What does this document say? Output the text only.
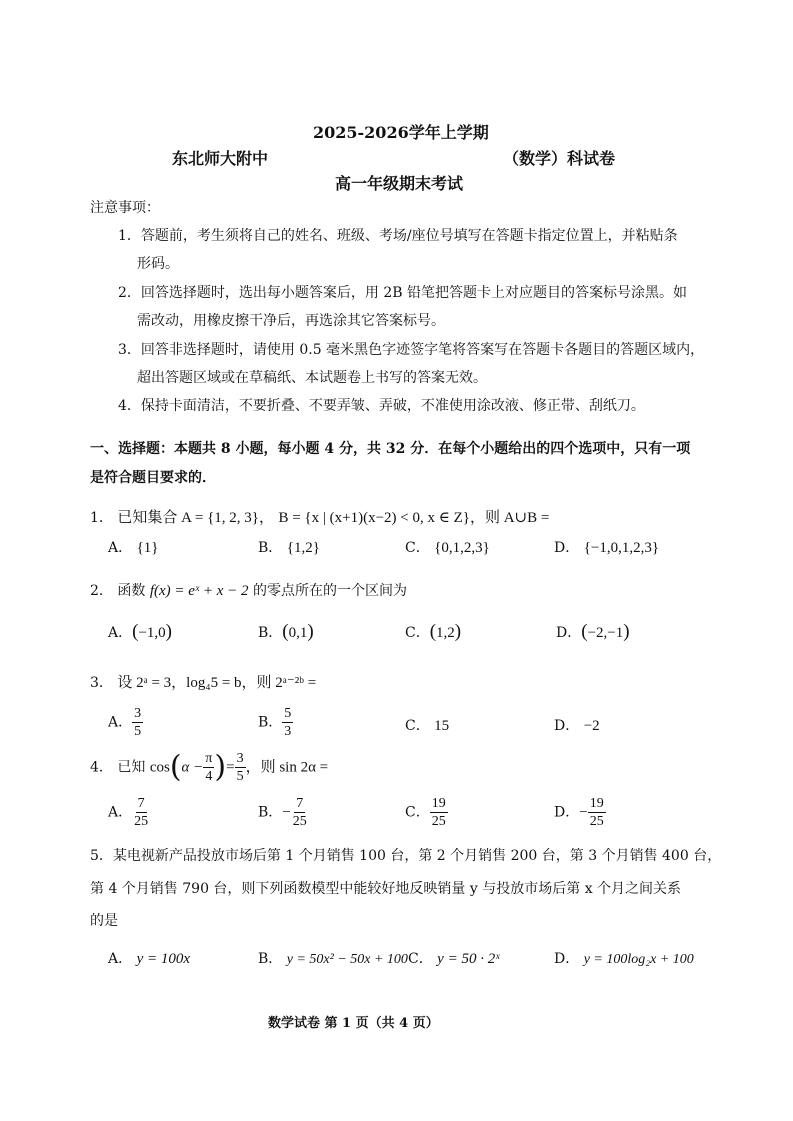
2025-2026学年上学期
东北师大附中	（数学）科试卷
高一年级期末考试
注意事项：
1．答题前，考生须将自己的姓名、班级、考场/座位号填写在答题卡指定位置上，并粘贴条
形码。
2．回答选择题时，选出每小题答案后，用 2B 铅笔把答题卡上对应题目的答案标号涂黑。如
需改动，用橡皮擦干净后，再选涂其它答案标号。
3．回答非选择题时，请使用 0.5 毫米黑色字迹签字笔将答案写在答题卡各题目的答题区域内，
超出答题区域或在草稿纸、本试题卷上书写的答案无效。
4．保持卡面清洁，不要折叠、不要弄皱、弄破，不准使用涂改液、修正带、刮纸刀。
一、选择题：本题共 8 小题，每小题 4 分，共 32 分．在每个小题给出的四个选项中，只有一项
是符合题目要求的．
1． 已知集合 A = {1, 2, 3}， B = {x | (x+1)(x−2) < 0, x ∈ Z}，则 A∪B =
A． {1}	B． {1,2}	C． {0,1,2,3}	D． {−1,0,1,2,3}
2． 函数 f(x) = eˣ + x − 2 的零点所在的一个区间为
A．(−1,0)	B．(0,1)	C．(1,2)	D．(−2,−1)
3． 设 2ᵃ = 3，log₄5 = b，则 2ᵃ⁻²ᵇ =
A． $\frac{3}{5}$	B． $\frac{5}{3}$	C． 15	D． −2
4． 已知 $\cos(\alpha - \frac{\pi}{4}$ )= $\frac{3}{5}$ ，则 sin 2α =
A． $\frac{7}{25}$	B．− $\frac{7}{25}$	C． $\frac{19}{25}$	D．− $\frac{19}{25}$
5．某电视新产品投放市场后第 1 个月销售 100 台，第 2 个月销售 200 台，第 3 个月销售 400 台，
第 4 个月销售 790 台，则下列函数模型中能较好地反映销量 y 与投放市场后第 x 个月之间关系
的是
A． y = 100x	B． y = 50x² − 50x + 100 C． y = 50 · 2ˣ	D． y = 100log₂x + 100
数学试卷 第 1 页（共 4 页）
